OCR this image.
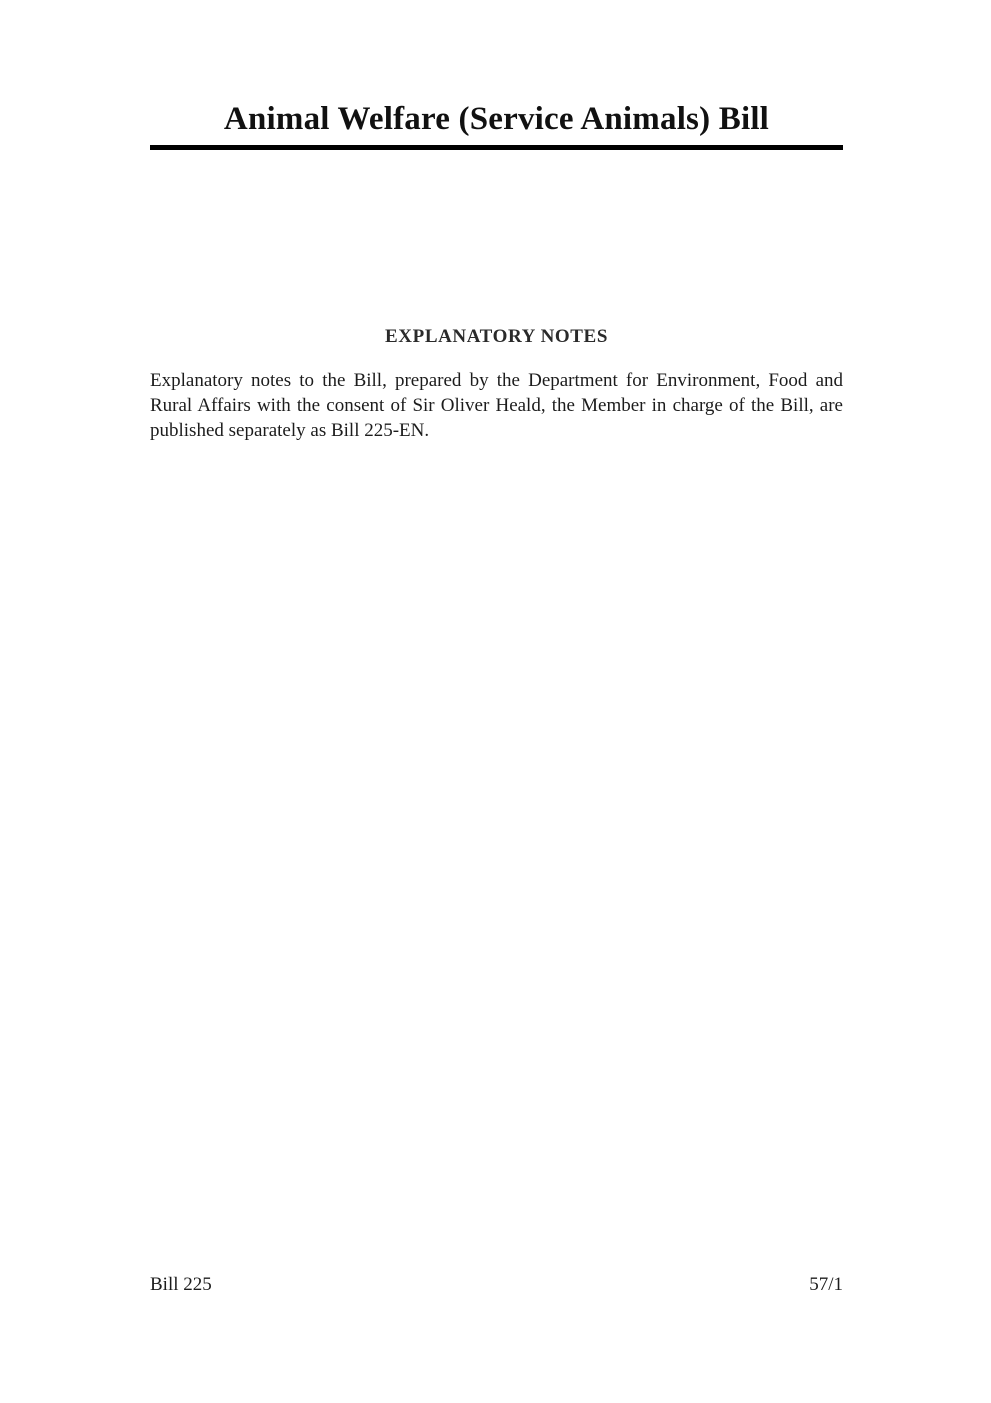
Animal Welfare (Service Animals) Bill
EXPLANATORY NOTES

Explanatory notes to the Bill, prepared by the Department for Environment, Food and Rural Affairs with the consent of Sir Oliver Heald, the Member in charge of the Bill, are published separately as Bill 225-EN.

Bill 225	57/1
